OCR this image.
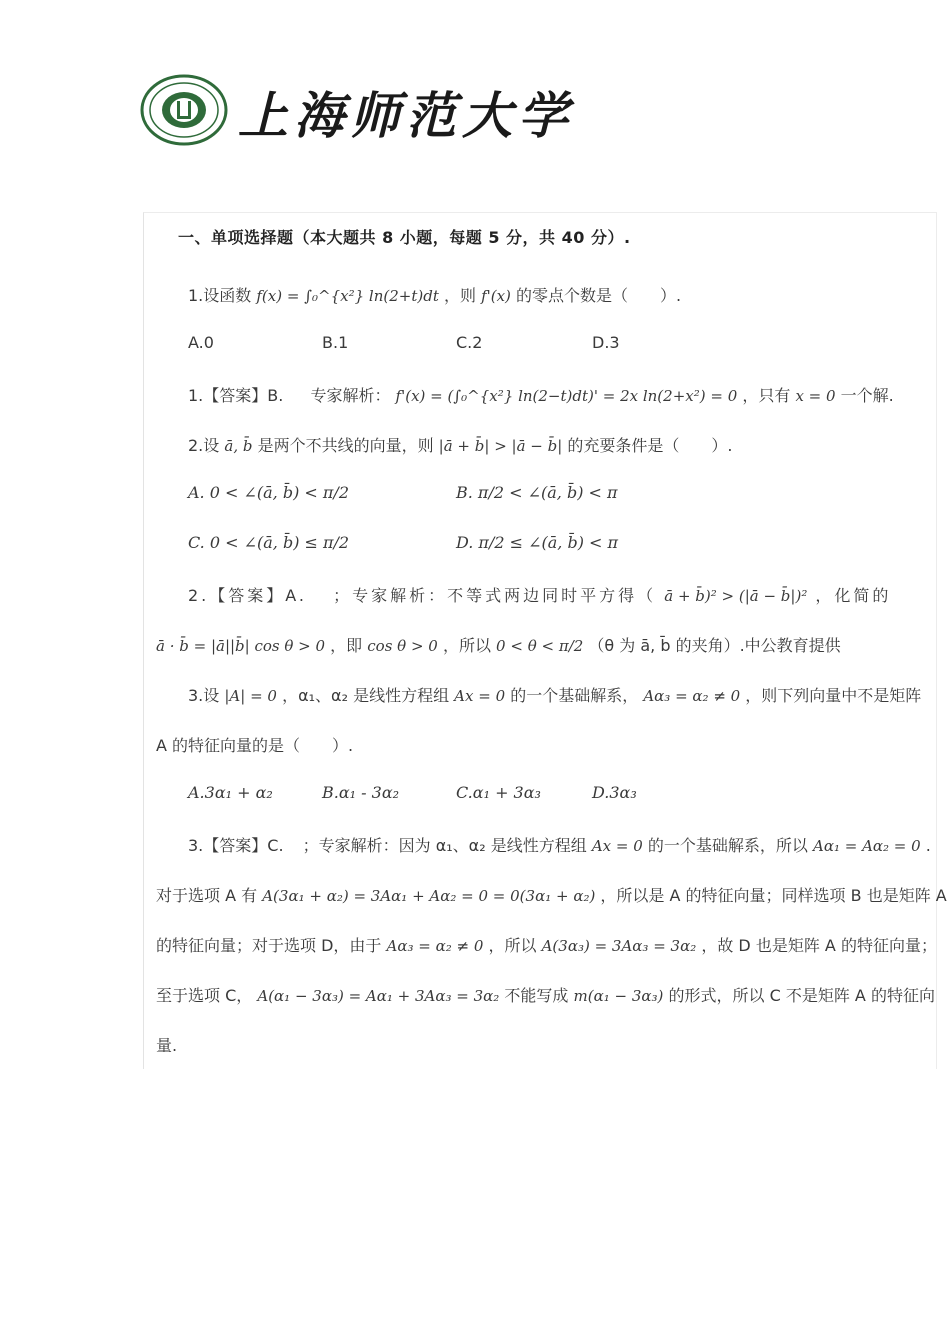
上海师范大学
一、单项选择题（本大题共 8 小题，每题 5 分，共 40 分）.
1.设函数 f(x) = ∫₀^{x²} ln(2+t)dt ，则 f'(x) 的零点个数是（　　）.
A.0	B.1	C.2	D.3
1.【答案】B. 专家解析： f'(x) = (∫₀^{x²} ln(2−t)dt)' = 2x ln(2+x²) = 0 ，只有 x = 0 一个解.
2.设 ā, b̄ 是两个不共线的向量，则 |ā + b̄| > |ā − b̄| 的充要条件是（　　）.
A. 0 < ∠(ā, b̄) < π/2	B. π/2 < ∠(ā, b̄) < π
C. 0 < ∠(ā, b̄) ≤ π/2	D. π/2 ≤ ∠(ā, b̄) < π
2.【答案】A. ；专家解析：不等式两边同时平方得（ ā + b̄)² > (|ā − b̄|)² ，化简的
ā · b̄ = |ā||b̄| cos θ > 0 ，即 cos θ > 0 ，所以 0 < θ < π/2 （θ 为 ā, b̄ 的夹角）.中公教育提供
3.设 |A| = 0 ，α₁、α₂ 是线性方程组 Ax = 0 的一个基础解系， Aα₃ = α₂ ≠ 0 ，则下列向量中不是矩阵
A 的特征向量的是（　　）.
A.3α₁ + α₂	B.α₁ - 3α₂	C.α₁ + 3α₃	D.3α₃
3.【答案】C. ；专家解析：因为 α₁、α₂ 是线性方程组 Ax = 0 的一个基础解系，所以 Aα₁ = Aα₂ = 0 .
对于选项 A 有 A(3α₁ + α₂) = 3Aα₁ + Aα₂ = 0 = 0(3α₁ + α₂) ，所以是 A 的特征向量；同样选项 B 也是矩阵 A
的特征向量；对于选项 D，由于 Aα₃ = α₂ ≠ 0 ，所以 A(3α₃) = 3Aα₃ = 3α₂ ，故 D 也是矩阵 A 的特征向量；
至于选项 C， A(α₁ − 3α₃) = Aα₁ + 3Aα₃ = 3α₂ 不能写成 m(α₁ − 3α₃) 的形式，所以 C 不是矩阵 A 的特征向
量.
